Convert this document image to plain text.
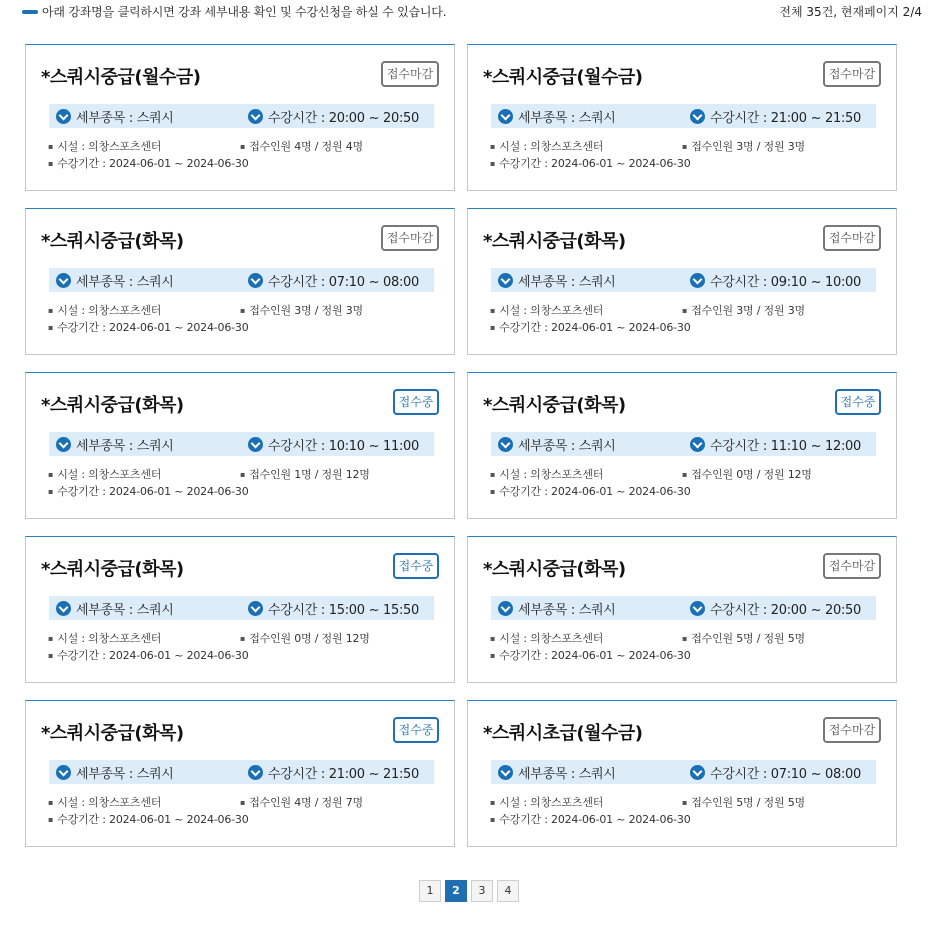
아래 강좌명을 클릭하시면 강좌 세부내용 확인 및 수강신청을 하실 수 있습니다.	전체 35건, 현재페이지 2/4
*스쿼시중급(월수금)	접수마감
세부종목 : 스쿼시	수강시간 : 20:00 ~ 20:50
▪ 시설 : 의창스포츠센터	▪ 접수인원 4명 / 정원 4명
▪ 수강기간 : 2024-06-01 ~ 2024-06-30
*스쿼시중급(월수금)	접수마감
세부종목 : 스쿼시	수강시간 : 21:00 ~ 21:50
▪ 시설 : 의창스포츠센터	▪ 접수인원 3명 / 정원 3명
▪ 수강기간 : 2024-06-01 ~ 2024-06-30
*스쿼시중급(화목)	접수마감
세부종목 : 스쿼시	수강시간 : 07:10 ~ 08:00
▪ 시설 : 의창스포츠센터	▪ 접수인원 3명 / 정원 3명
▪ 수강기간 : 2024-06-01 ~ 2024-06-30
*스쿼시중급(화목)	접수마감
세부종목 : 스쿼시	수강시간 : 09:10 ~ 10:00
▪ 시설 : 의창스포츠센터	▪ 접수인원 3명 / 정원 3명
▪ 수강기간 : 2024-06-01 ~ 2024-06-30
*스쿼시중급(화목)	접수중
세부종목 : 스쿼시	수강시간 : 10:10 ~ 11:00
▪ 시설 : 의창스포츠센터	▪ 접수인원 1명 / 정원 12명
▪ 수강기간 : 2024-06-01 ~ 2024-06-30
*스쿼시중급(화목)	접수중
세부종목 : 스쿼시	수강시간 : 11:10 ~ 12:00
▪ 시설 : 의창스포츠센터	▪ 접수인원 0명 / 정원 12명
▪ 수강기간 : 2024-06-01 ~ 2024-06-30
*스쿼시중급(화목)	접수중
세부종목 : 스쿼시	수강시간 : 15:00 ~ 15:50
▪ 시설 : 의창스포츠센터	▪ 접수인원 0명 / 정원 12명
▪ 수강기간 : 2024-06-01 ~ 2024-06-30
*스쿼시중급(화목)	접수마감
세부종목 : 스쿼시	수강시간 : 20:00 ~ 20:50
▪ 시설 : 의창스포츠센터	▪ 접수인원 5명 / 정원 5명
▪ 수강기간 : 2024-06-01 ~ 2024-06-30
*스쿼시중급(화목)	접수중
세부종목 : 스쿼시	수강시간 : 21:00 ~ 21:50
▪ 시설 : 의창스포츠센터	▪ 접수인원 4명 / 정원 7명
▪ 수강기간 : 2024-06-01 ~ 2024-06-30
*스쿼시초급(월수금)	접수마감
세부종목 : 스쿼시	수강시간 : 07:10 ~ 08:00
▪ 시설 : 의창스포츠센터	▪ 접수인원 5명 / 정원 5명
▪ 수강기간 : 2024-06-01 ~ 2024-06-30
1	2	3	4
